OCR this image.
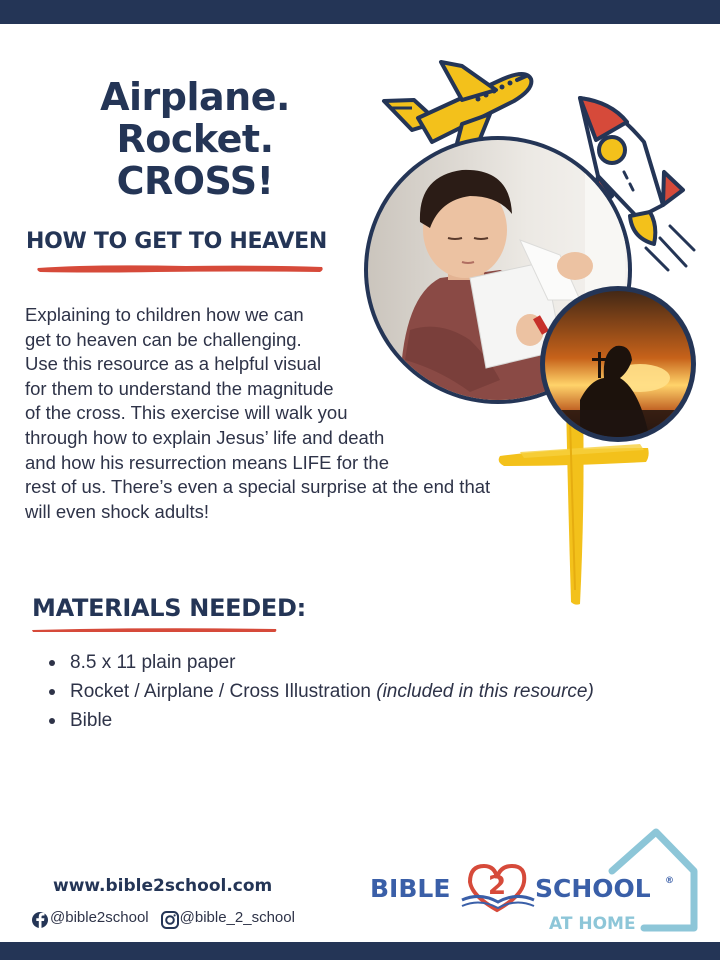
Airplane. Rocket.
CROSS!
BIBLE 2 SCHOOL ®
AT HOME
HOW TO GET TO HEAVEN
Explaining to children how we can
get to heaven can be challenging.
Use this resource as a helpful visual
for them to understand the magnitude
of the cross. This exercise will walk you
through how to explain Jesus’ life and death
and how his resurrection means LIFE for the
rest of us. There’s even a special surprise at the end that
will even shock adults!
MATERIALS NEEDED:
8.5 x 11 plain paper
Rocket / Airplane / Cross Illustration (included in this resource)
Bible
www.bible2school.com
@bible2school @bible_2_school
